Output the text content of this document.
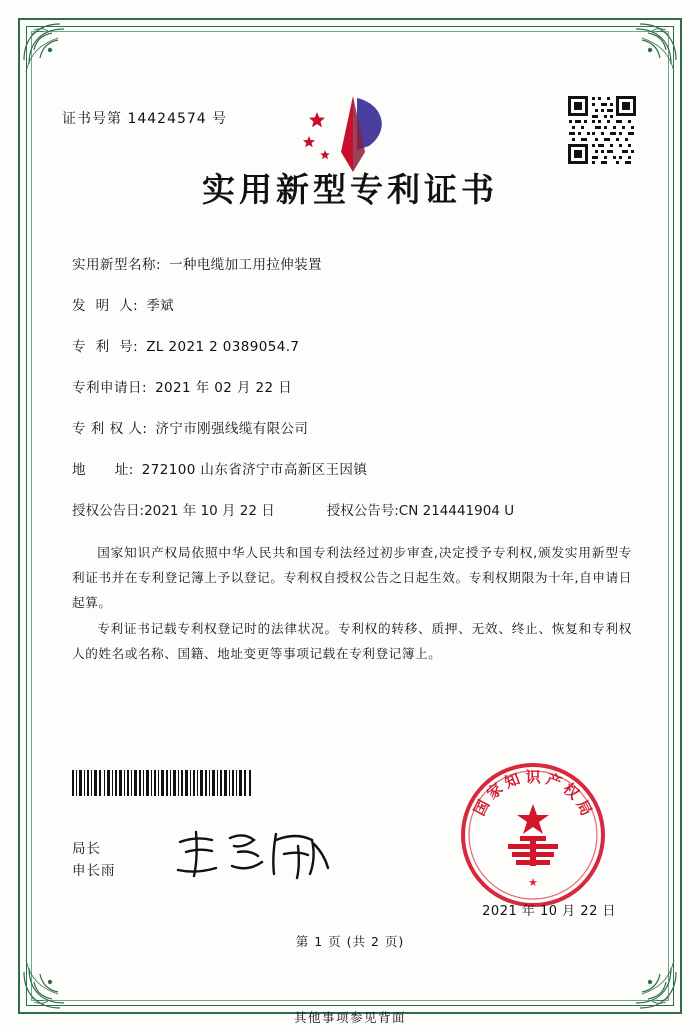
证书号第 14424574 号
实用新型专利证书
实用新型名称: 一种电缆加工用拉伸装置
发  明  人: 季斌
专  利  号: ZL 2021 2 0389054.7
专利申请日: 2021 年 02 月 22 日
专 利 权 人: 济宁市刚强线缆有限公司
地      址: 272100 山东省济宁市高新区王因镇
授权公告日: 2021 年 10 月 22 日	授权公告号: CN 214441904 U

国家知识产权局依照中华人民共和国专利法经过初步审查,决定授予专利权,颁发实用新型专利证书并在专利登记簿上予以登记。专利权自授权公告之日起生效。专利权期限为十年,自申请日起算。

专利证书记载专利权登记时的法律状况。专利权的转移、质押、无效、终止、恢复和专利权人的姓名或名称、国籍、地址变更等事项记载在专利登记簿上。

国
家
知 识 产
权
局
★
2021 年 10 月 22 日
局长
申长雨
第 1 页 (共 2 页)
其他事项参见背面
